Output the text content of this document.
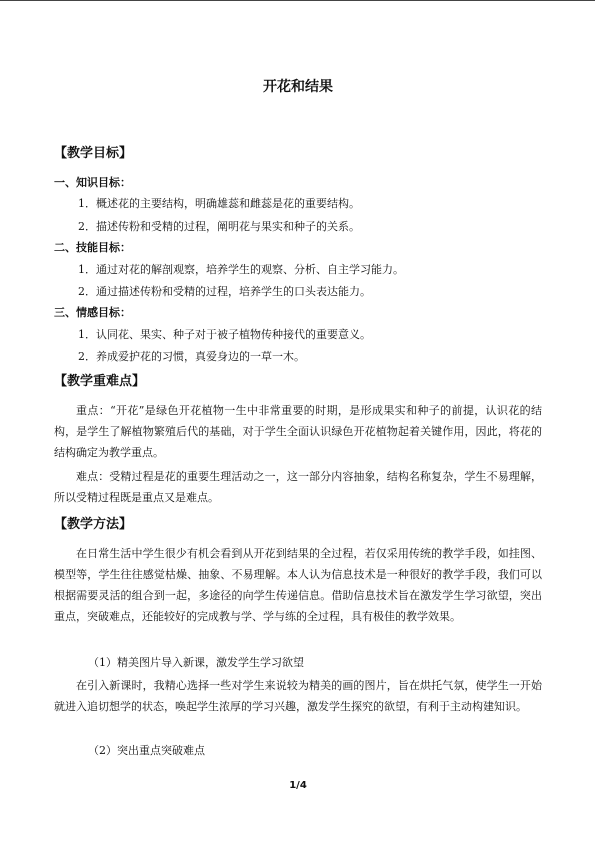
开花和结果
【教学目标】
一、知识目标：
1．概述花的主要结构，明确雄蕊和雌蕊是花的重要结构。
2．描述传粉和受精的过程，阐明花与果实和种子的关系。
二、技能目标：
1．通过对花的解剖观察，培养学生的观察、分析、自主学习能力。
2．通过描述传粉和受精的过程，培养学生的口头表达能力。
三、情感目标：
1．认同花、果实、种子对于被子植物传种接代的重要意义。
2．养成爱护花的习惯，真爱身边的一草一木。
【教学重难点】
重点：“开花”是绿色开花植物一生中非常重要的时期，是形成果实和种子的前提，认识花的结构，是学生了解植物繁殖后代的基础，对于学生全面认识绿色开花植物起着关键作用，因此，将花的结构确定为教学重点。
难点：受精过程是花的重要生理活动之一，这一部分内容抽象，结构名称复杂，学生不易理解，所以受精过程既是重点又是难点。
【教学方法】
在日常生活中学生很少有机会看到从开花到结果的全过程，若仅采用传统的教学手段，如挂图、模型等，学生往往感觉枯燥、抽象、不易理解。本人认为信息技术是一种很好的教学手段，我们可以根据需要灵活的组合到一起，多途径的向学生传递信息。借助信息技术旨在激发学生学习欲望，突出重点，突破难点，还能较好的完成教与学、学与练的全过程，具有极佳的教学效果。
（1）精美图片导入新课，激发学生学习欲望
在引入新课时，我精心选择一些对学生来说较为精美的画的图片，旨在烘托气氛，使学生一开始就进入追切想学的状态，唤起学生浓厚的学习兴趣，激发学生探究的欲望，有利于主动构建知识。
（2）突出重点突破难点
1/4
